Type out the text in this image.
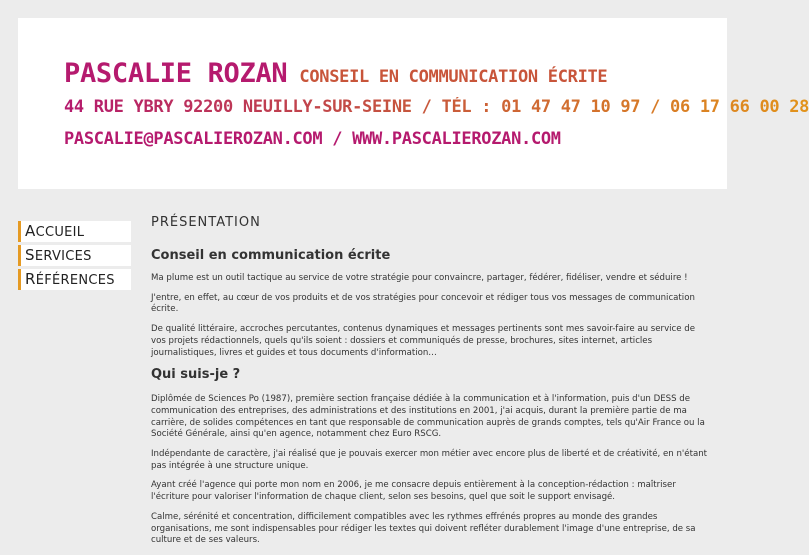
PASCALIE ROZAN CONSEIL EN COMMUNICATION ÉCRITE
44 RUE YBRY 92200 NEUILLY-SUR-SEINE / TÉL : 01 47 47 10 97 / 06 17 66 00 28
PASCALIE@PASCALIEROZAN.COM / WWW.PASCALIEROZAN.COM
ACCUEIL
SERVICES
RÉFÉRENCES
PRÉSENTATION
Conseil en communication écrite

Ma plume est un outil tactique au service de votre stratégie pour convaincre, partager, fédérer, fidéliser, vendre et séduire !

J'entre, en effet, au cœur de vos produits et de vos stratégies pour concevoir et rédiger tous vos messages de communication écrite.

De qualité littéraire, accroches percutantes, contenus dynamiques et messages pertinents sont mes savoir-faire au service de vos projets rédactionnels, quels qu'ils soient : dossiers et communiqués de presse, brochures, sites internet, articles journalistiques, livres et guides et tous documents d'information…

Qui suis-je ?

Diplômée de Sciences Po (1987), première section française dédiée à la communication et à l'information, puis d'un DESS de communication des entreprises, des administrations et des institutions en 2001, j'ai acquis, durant la première partie de ma carrière, de solides compétences en tant que responsable de communication auprès de grands comptes, tels qu'Air France ou la Société Générale, ainsi qu'en agence, notamment chez Euro RSCG.

Indépendante de caractère, j'ai réalisé que je pouvais exercer mon métier avec encore plus de liberté et de créativité, en n'étant pas intégrée à une structure unique.

Ayant créé l'agence qui porte mon nom en 2006, je me consacre depuis entièrement à la conception-rédaction : maîtriser l'écriture pour valoriser l'information de chaque client, selon ses besoins, quel que soit le support envisagé.

Calme, sérénité et concentration, difficilement compatibles avec les rythmes effrénés propres au monde des grandes organisations, me sont indispensables pour rédiger les textes qui doivent refléter durablement l'image d'une entreprise, de sa culture et de ses valeurs.
